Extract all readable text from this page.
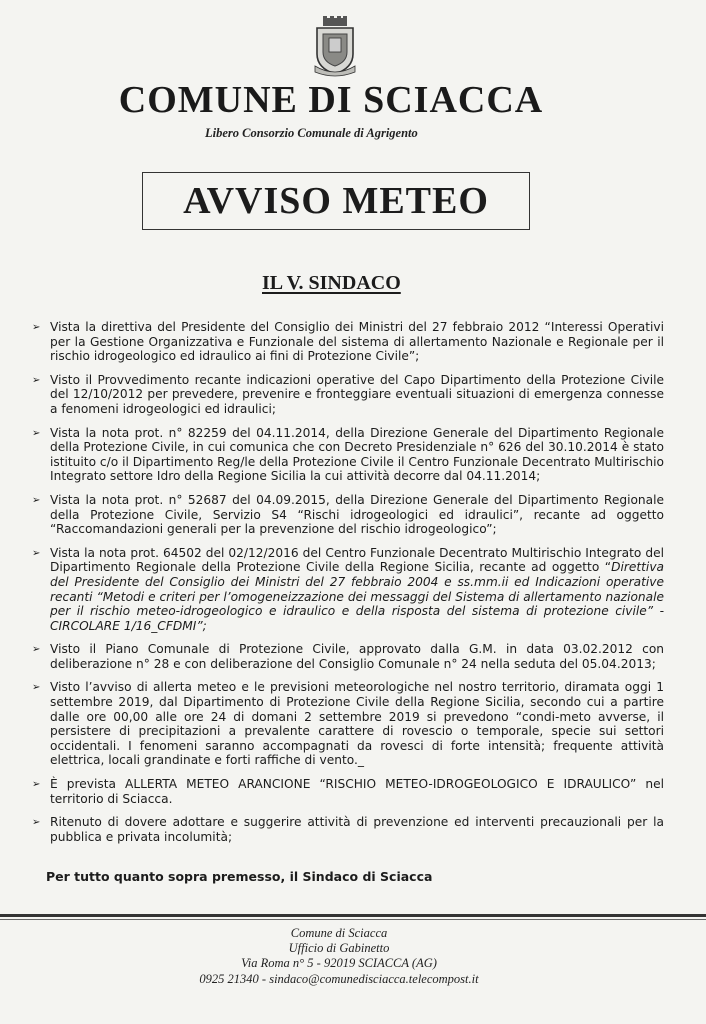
COMUNE DI SCIACCA
Libero Consorzio Comunale di Agrigento
AVVISO METEO
IL V. SINDACO
➢ Vista la direttiva del Presidente del Consiglio dei Ministri del 27 febbraio 2012 “Interessi Operativi per la Gestione Organizzativa e Funzionale del sistema di allertamento Nazionale e Regionale per il rischio idrogeologico ed idraulico ai fini di Protezione Civile”;
➢ Visto il Provvedimento recante indicazioni operative del Capo Dipartimento della Protezione Civile del 12/10/2012 per prevedere, prevenire e fronteggiare eventuali situazioni di emergenza connesse a fenomeni idrogeologici ed idraulici;
➢ Vista la nota prot. n° 82259 del 04.11.2014, della Direzione Generale del Dipartimento Regionale della Protezione Civile, in cui comunica che con Decreto Presidenziale n° 626 del 30.10.2014 è stato istituito c/o il Dipartimento Reg/le della Protezione Civile il Centro Funzionale Decentrato Multirischio Integrato settore Idro della Regione Sicilia la cui attività decorre dal 04.11.2014;
➢ Vista la nota prot. n° 52687 del 04.09.2015, della Direzione Generale del Dipartimento Regionale della Protezione Civile, Servizio S4 “Rischi idrogeologici ed idraulici”, recante ad oggetto “Raccomandazioni generali per la prevenzione del rischio idrogeologico”;
➢ Vista la nota prot. 64502 del 02/12/2016 del Centro Funzionale Decentrato Multirischio Integrato del Dipartimento Regionale della Protezione Civile della Regione Sicilia, recante ad oggetto “Direttiva del Presidente del Consiglio dei Ministri del 27 febbraio 2004 e ss.mm.ii ed Indicazioni operative recanti “Metodi e criteri per l’omogeneizzazione dei messaggi del Sistema di allertamento nazionale per il rischio meteo-idrogeologico e idraulico e della risposta del sistema di protezione civile” - CIRCOLARE 1/16_CFDMI”;
➢ Visto il Piano Comunale di Protezione Civile, approvato dalla G.M. in data 03.02.2012 con deliberazione n° 28 e con deliberazione del Consiglio Comunale n° 24 nella seduta del 05.04.2013;
➢ Visto l’avviso di allerta meteo e le previsioni meteorologiche nel nostro territorio, diramata oggi 1 settembre 2019, dal Dipartimento di Protezione Civile della Regione Sicilia, secondo cui a partire dalle ore 00,00 alle ore 24 di domani 2 settembre 2019 si prevedono “condi-meto avverse, il persistere di precipitazioni a prevalente carattere di rovescio o temporale, specie sui settori occidentali. I fenomeni saranno accompagnati da rovesci di forte intensità; frequente attività elettrica, locali grandinate e forti raffiche di vento._
➢ È prevista ALLERTA METEO ARANCIONE “RISCHIO METEO-IDROGEOLOGICO E IDRAULICO” nel territorio di Sciacca.
➢ Ritenuto di dovere adottare e suggerire attività di prevenzione ed interventi precauzionali per la pubblica e privata incolumità;
Per tutto quanto sopra premesso, il Sindaco di Sciacca
Comune di Sciacca
Ufficio di Gabinetto
Via Roma n° 5 - 92019 SCIACCA (AG)
0925 21340 - sindaco@comunedisciacca.telecompost.it
